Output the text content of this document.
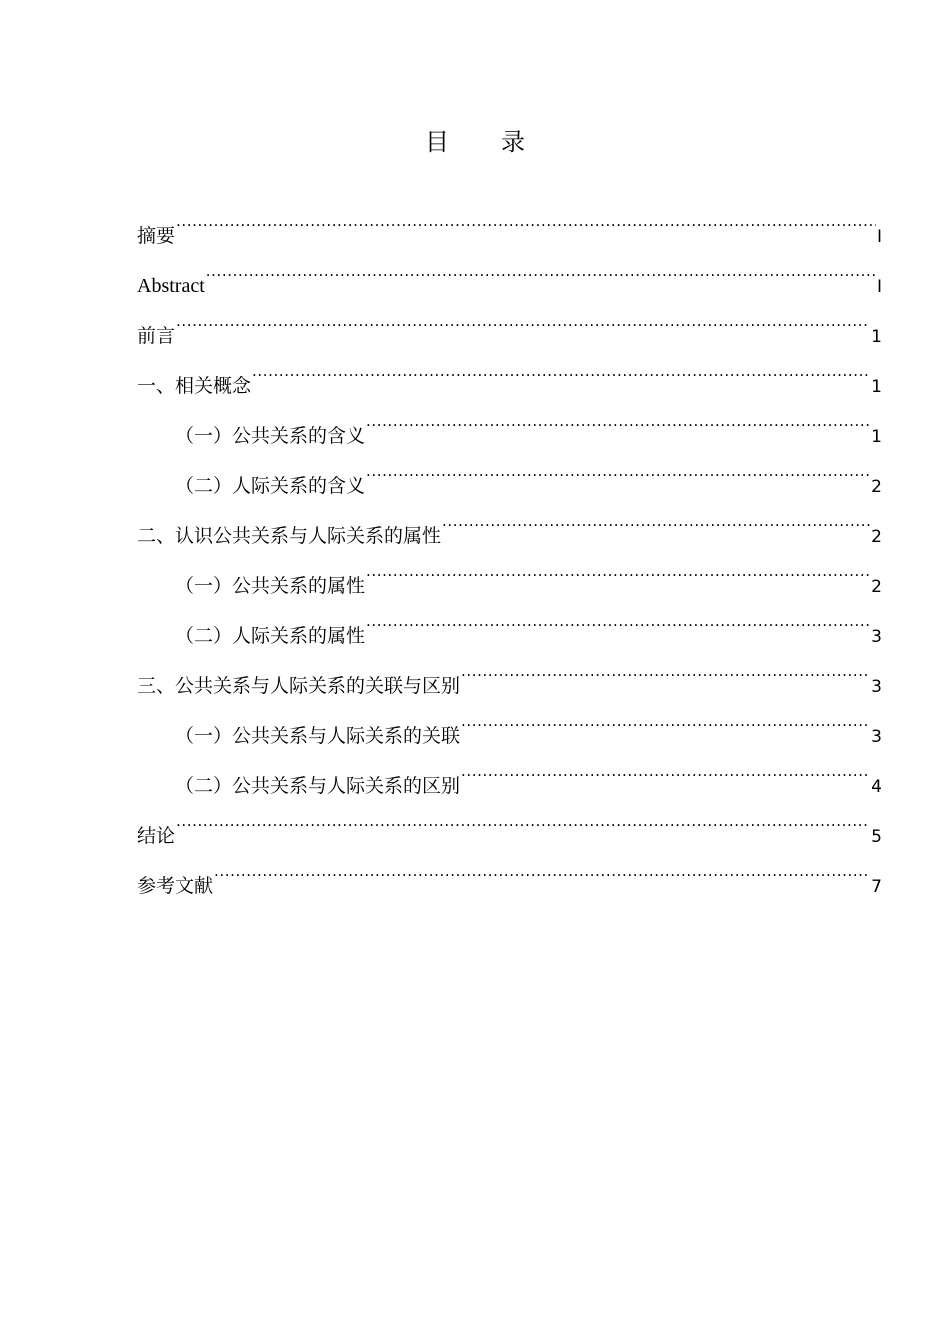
目 录
摘要 .....	I
Abstract .....	I
前言 .....	1
一、相关概念 .....	1
（一）公共关系的含义 .....	1
（二）人际关系的含义 .....	2
二、认识公共关系与人际关系的属性 .....	2
（一）公共关系的属性 .....	2
（二）人际关系的属性 .....	3
三、公共关系与人际关系的关联与区别 .....	3
（一）公共关系与人际关系的关联 .....	3
（二）公共关系与人际关系的区别 .....	4
结论 .....	5
参考文献 .....	7
